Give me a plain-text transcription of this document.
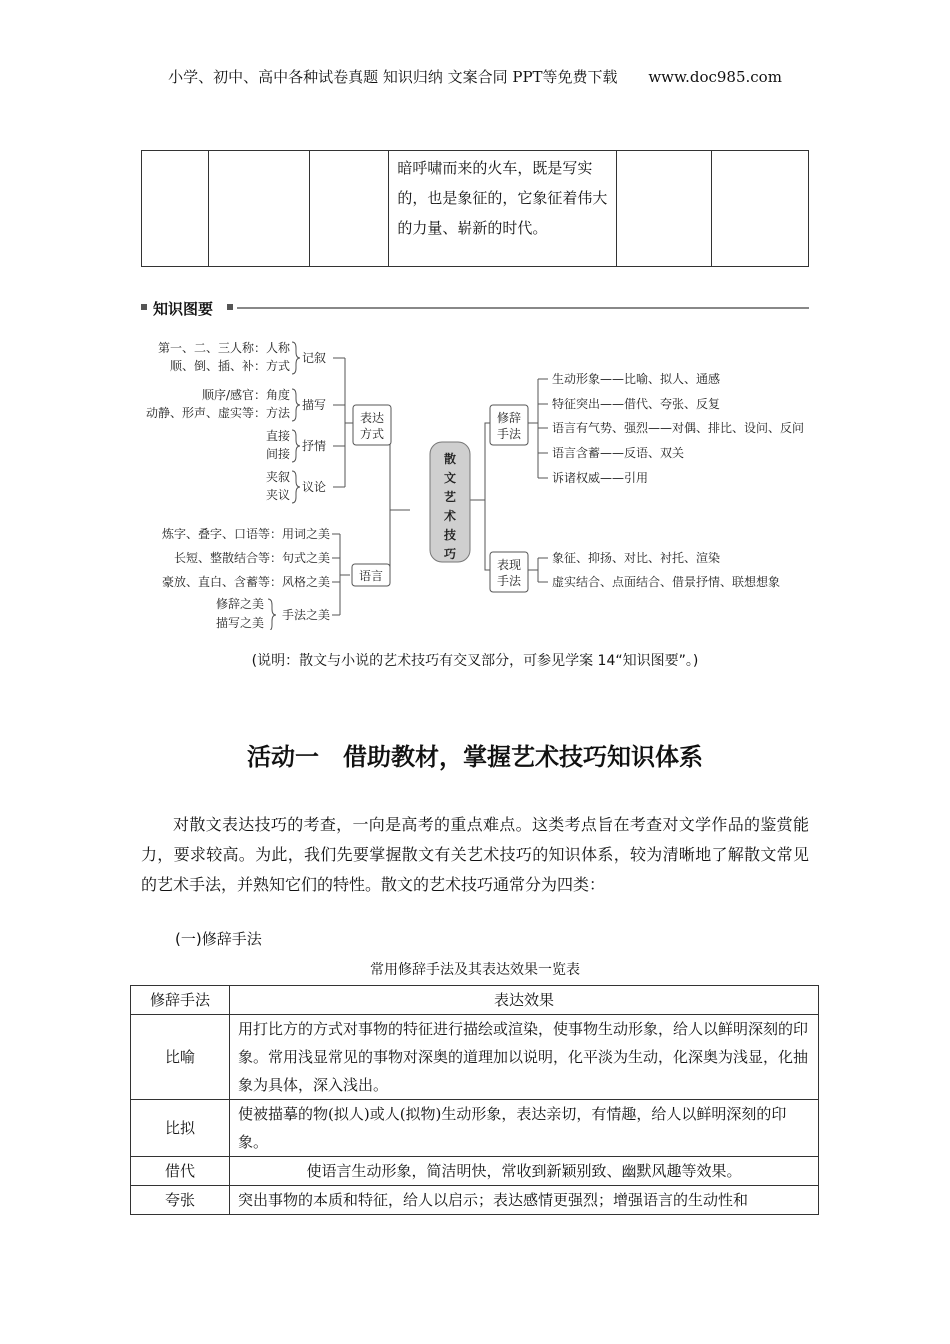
小学、初中、高中各种试卷真题 知识归纳 文案合同 PPT等免费下载 www.doc985.com
			暗呼啸而来的火车，既是写实的，也是象征的，它象征着伟大的力量、崭新的时代。		
知识图要
散
文
艺
术
技
巧
表达
方式
记叙
描写
抒情
议论
第一、二、三人称：人称
顺、倒、插、补：方式
顺序/感官：角度
动静、形声、虚实等：方法
直接
间接
夹叙
夹议
语言
炼字、叠字、口语等：用词之美
长短、整散结合等：句式之美
豪放、直白、含蓄等：风格之美
手法之美
修辞之美
描写之美
修辞
手法
生动形象——比喻、拟人、通感
特征突出——借代、夸张、反复
语言有气势、强烈——对偶、排比、设问、反问
语言含蓄——反语、双关
诉诸权威——引用
表现
手法
象征、抑扬、对比、衬托、渲染
虚实结合、点面结合、借景抒情、联想想象
(说明：散文与小说的艺术技巧有交叉部分，可参见学案 14“知识图要”。)
活动一　借助教材，掌握艺术技巧知识体系
对散文表达技巧的考查，一向是高考的重点难点。这类考点旨在考查对文学作品的鉴赏能力，要求较高。为此，我们先要掌握散文有关艺术技巧的知识体系，较为清晰地了解散文常见的艺术手法，并熟知它们的特性。散文的艺术技巧通常分为四类：
(一)修辞手法
常用修辞手法及其表达效果一览表
修辞手法	表达效果
比喻	用打比方的方式对事物的特征进行描绘或渲染，使事物生动形象，给人以鲜明深刻的印象。常用浅显常见的事物对深奥的道理加以说明，化平淡为生动，化深奥为浅显，化抽象为具体，深入浅出。
比拟	使被描摹的物(拟人)或人(拟物)生动形象，表达亲切，有情趣，给人以鲜明深刻的印象。
借代	使语言生动形象，简洁明快，常收到新颖别致、幽默风趣等效果。
夸张	突出事物的本质和特征，给人以启示；表达感情更强烈；增强语言的生动性和
